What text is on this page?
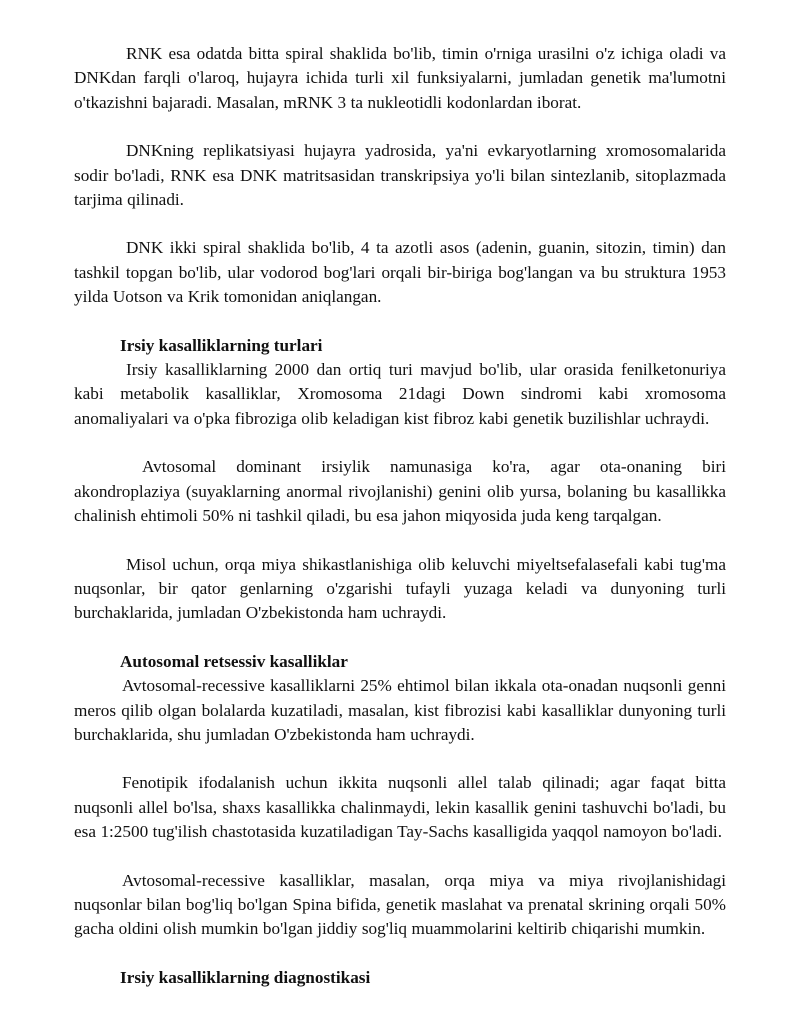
RNK esa odatda bitta spiral shaklida bo'lib, timin o'rniga urasilni o'z ichiga oladi va DNKdan farqli o'laroq, hujayra ichida turli xil funksiyalarni, jumladan genetik ma'lumotni o'tkazishni bajaradi. Masalan, mRNK 3 ta nukleotidli kodonlardan iborat.

DNKning replikatsiyasi hujayra yadrosida, ya'ni evkaryotlarning xromosomalarida sodir bo'ladi, RNK esa DNK matritsasidan transkripsiya yo'li bilan sintezlanib, sitoplazmada tarjima qilinadi.

DNK ikki spiral shaklida bo'lib, 4 ta azotli asos (adenin, guanin, sitozin, timin) dan tashkil topgan bo'lib, ular vodorod bog'lari orqali bir-biriga bog'langan va bu struktura 1953 yilda Uotson va Krik tomonidan aniqlangan.

Irsiy kasalliklarning turlari

Irsiy kasalliklarning 2000 dan ortiq turi mavjud bo'lib, ular orasida fenilketonuriya kabi metabolik kasalliklar, Xromosoma 21dagi Down sindromi kabi xromosoma anomaliyalari va o'pka fibroziga olib keladigan kist fibroz kabi genetik buzilishlar uchraydi.

Avtosomal dominant irsiylik namunasiga ko'ra, agar ota-onaning biri akondroplaziya (suyaklarning anormal rivojlanishi) genini olib yursa, bolaning bu kasallikka chalinish ehtimoli 50% ni tashkil qiladi, bu esa jahon miqyosida juda keng tarqalgan.

Misol uchun, orqa miya shikastlanishiga olib keluvchi miyeltsefalasefali kabi tug'ma nuqsonlar, bir qator genlarning o'zgarishi tufayli yuzaga keladi va dunyoning turli burchaklarida, jumladan O'zbekistonda ham uchraydi.

Autosomal retsessiv kasalliklar

Avtosomal-recessive kasalliklarni 25% ehtimol bilan ikkala ota-onadan nuqsonli genni meros qilib olgan bolalarda kuzatiladi, masalan, kist fibrozisi kabi kasalliklar dunyoning turli burchaklarida, shu jumladan O'zbekistonda ham uchraydi.

Fenotipik ifodalanish uchun ikkita nuqsonli allel talab qilinadi; agar faqat bitta nuqsonli allel bo'lsa, shaxs kasallikka chalinmaydi, lekin kasallik genini tashuvchi bo'ladi, bu esa 1:2500 tug'ilish chastotasida kuzatiladigan Tay-Sachs kasalligida yaqqol namoyon bo'ladi.

Avtosomal-recessive kasalliklar, masalan, orqa miya va miya rivojlanishidagi nuqsonlar bilan bog'liq bo'lgan Spina bifida, genetik maslahat va prenatal skrining orqali 50% gacha oldini olish mumkin bo'lgan jiddiy sog'liq muammolarini keltirib chiqarishi mumkin.

Irsiy kasalliklarning diagnostikasi
